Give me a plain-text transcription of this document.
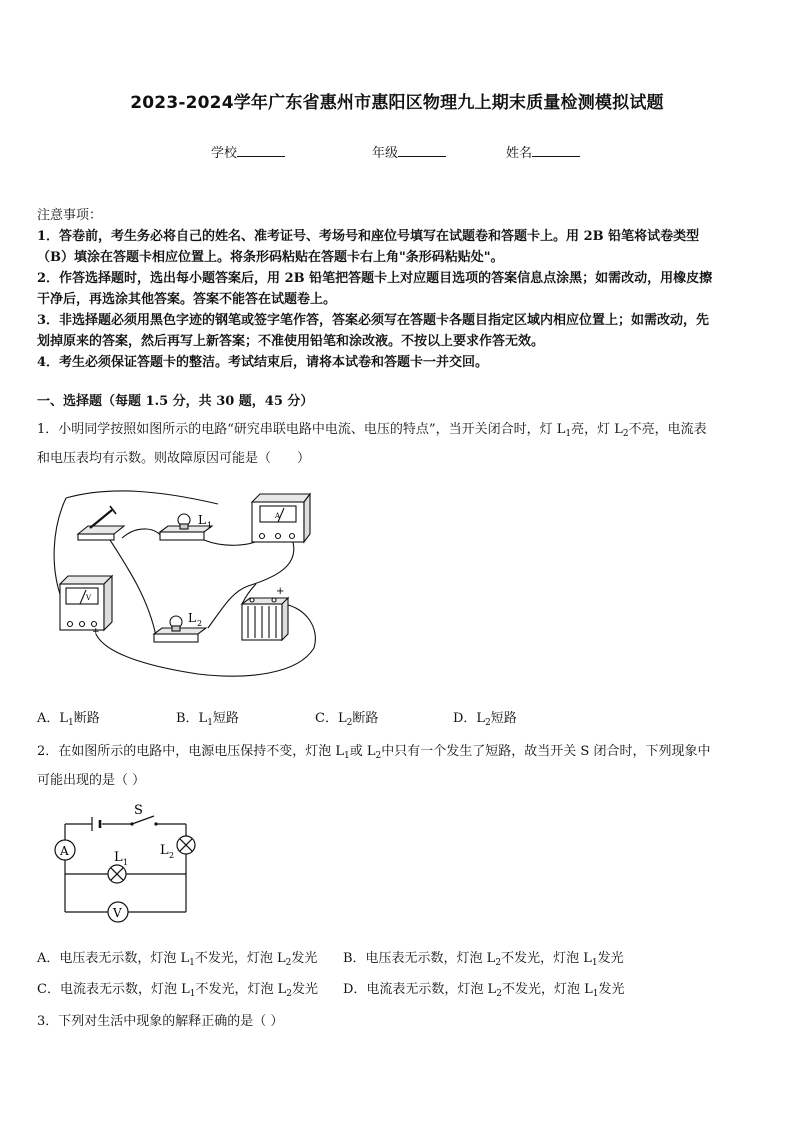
2023-2024学年广东省惠州市惠阳区物理九上期末质量检测模拟试题
学校	年级	姓名
注意事项：
1．答卷前，考生务必将自己的姓名、准考证号、考场号和座位号填写在试题卷和答题卡上。用 2B 铅笔将试卷类型
（B）填涂在答题卡相应位置上。将条形码粘贴在答题卡右上角"条形码粘贴处"。
2．作答选择题时，选出每小题答案后，用 2B 铅笔把答题卡上对应题目选项的答案信息点涂黑；如需改动，用橡皮擦
干净后，再选涂其他答案。答案不能答在试题卷上。
3．非选择题必须用黑色字迹的钢笔或签字笔作答，答案必须写在答题卡各题目指定区域内相应位置上；如需改动，先
划掉原来的答案，然后再写上新答案；不准使用铅笔和涂改液。不按以上要求作答无效。
4．考生必须保证答题卡的整洁。考试结束后，请将本试卷和答题卡一并交回。
一、选择题（每题 1.5 分，共 30 题，45 分）
1．小明同学按照如图所示的电路“研究串联电路中电流、电压的特点”，当开关闭合时，灯 $L_1$亮，灯 $L_2$不亮，电流表
和电压表均有示数。则故障原因可能是（　　）
L 1
A
V
+
L 2
+
A．$L_1$断路	B．$L_1$短路	C．$L_2$断路	D．$L_2$短路
2．在如图所示的电路中，电源电压保持不变，灯泡 $L_1$或 $L_2$中只有一个发生了短路，故当开关 S 闭合时，下列现象中
可能出现的是（ ）
S
A	L 2
L 1
V
A．电压表无示数，灯泡 $L_1$不发光，灯泡 $L_2$发光 B．电压表无示数，灯泡 $L_2$不发光，灯泡 $L_1$发光
C．电流表无示数，灯泡 $L_1$不发光，灯泡 $L_2$发光 D．电流表无示数，灯泡 $L_2$不发光，灯泡 $L_1$发光
3．下列对生活中现象的解释正确的是（ ）
